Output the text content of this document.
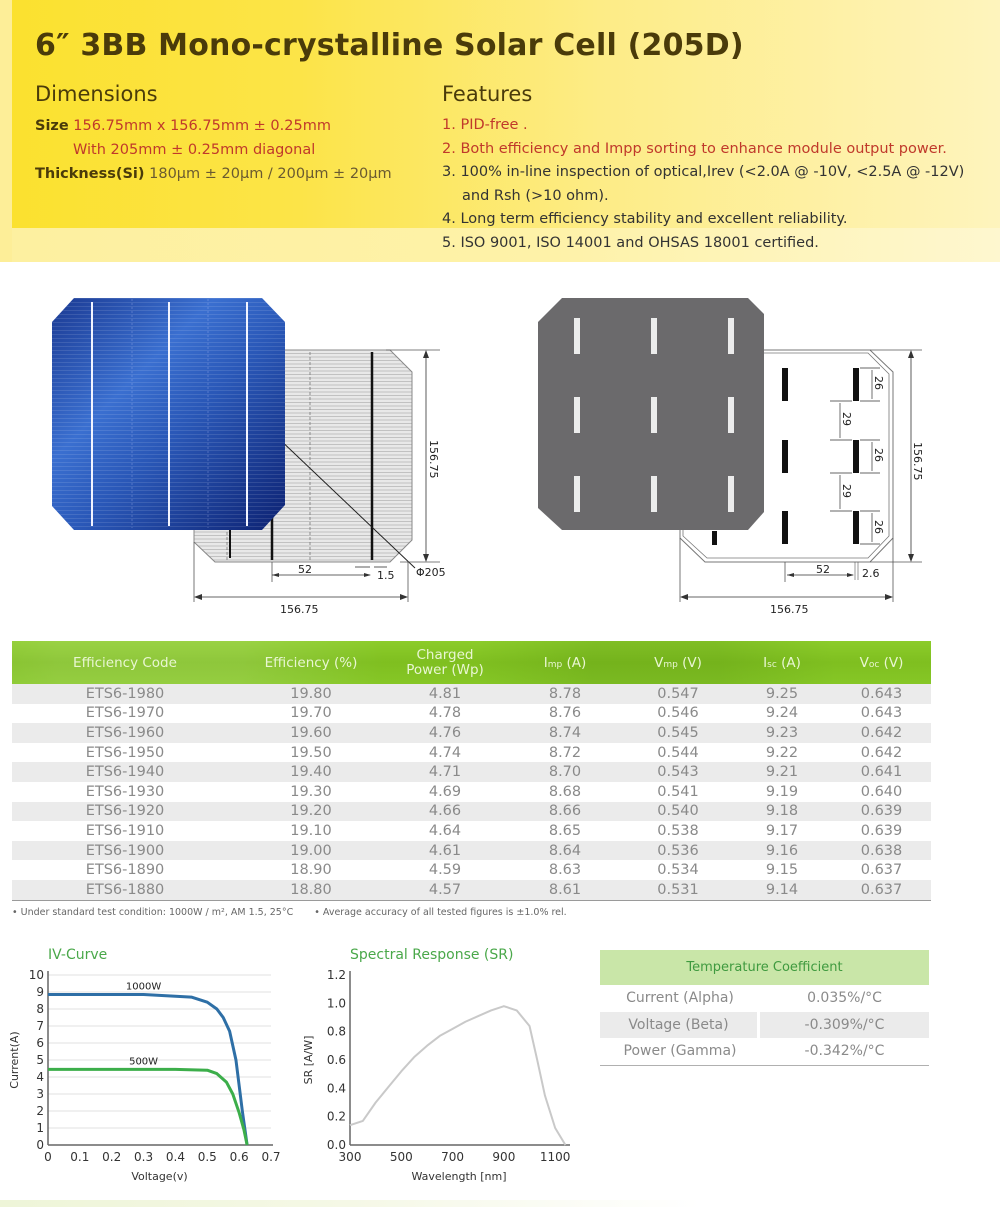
6″ 3BB Mono-crystalline Solar Cell (205D)
Dimensions
Size 156.75mm x 156.75mm ± 0.25mm
With 205mm ± 0.25mm diagonal
Thickness(Si) 180μm ± 20μm / 200μm ± 20μm
Features
1. PID-free .
2. Both efficiency and Impp sorting to enhance module output power.
3. 100% in-line inspection of optical,Irev (<2.0A @ -10V, <2.5A @ -12V)
and Rsh (>10 ohm).
4. Long term efficiency stability and excellent reliability.
5. ISO 9001, ISO 14001 and OHSAS 18001 certified.
156.75
156.75
52	1.5 Φ205
26
29
26
29
26
156.75
156.75
52	2.6
Efficiency Code	Efficiency (%)	Charged
Power (Wp)	Imp (A)	Vmp (V)	Isc (A)	Voc (V)
ETS6-1980	19.80	4.81	8.78	0.547	9.25	0.643
ETS6-1970	19.70	4.78	8.76	0.546	9.24	0.643
ETS6-1960	19.60	4.76	8.74	0.545	9.23	0.642
ETS6-1950	19.50	4.74	8.72	0.544	9.22	0.642
ETS6-1940	19.40	4.71	8.70	0.543	9.21	0.641
ETS6-1930	19.30	4.69	8.68	0.541	9.19	0.640
ETS6-1920	19.20	4.66	8.66	0.540	9.18	0.639
ETS6-1910	19.10	4.64	8.65	0.538	9.17	0.639
ETS6-1900	19.00	4.61	8.64	0.536	9.16	0.638
ETS6-1890	18.90	4.59	8.63	0.534	9.15	0.637
ETS6-1880	18.80	4.57	8.61	0.531	9.14	0.637
• Under standard test condition: 1000W / m², AM 1.5, 25°C • Average accuracy of all tested figures is ±1.0% rel.
IV-Curve
0
1
2
3
4
5
6
7
8
9
10
0 0.1 0.2 0.3 0.4 0.5 0.6 0.7
Voltage(v)
Current(A)
1000W
500W
Spectral Response (SR)
0.0
0.2
0.4
0.6
0.8
1.0
1.2
300 500 700 900 1100
Wavelength [nm]
SR [A/W]
Temperature Coefficient
Current (Alpha)	0.035%/°C
Voltage (Beta)	-0.309%/°C
Power (Gamma)	-0.342%/°C
